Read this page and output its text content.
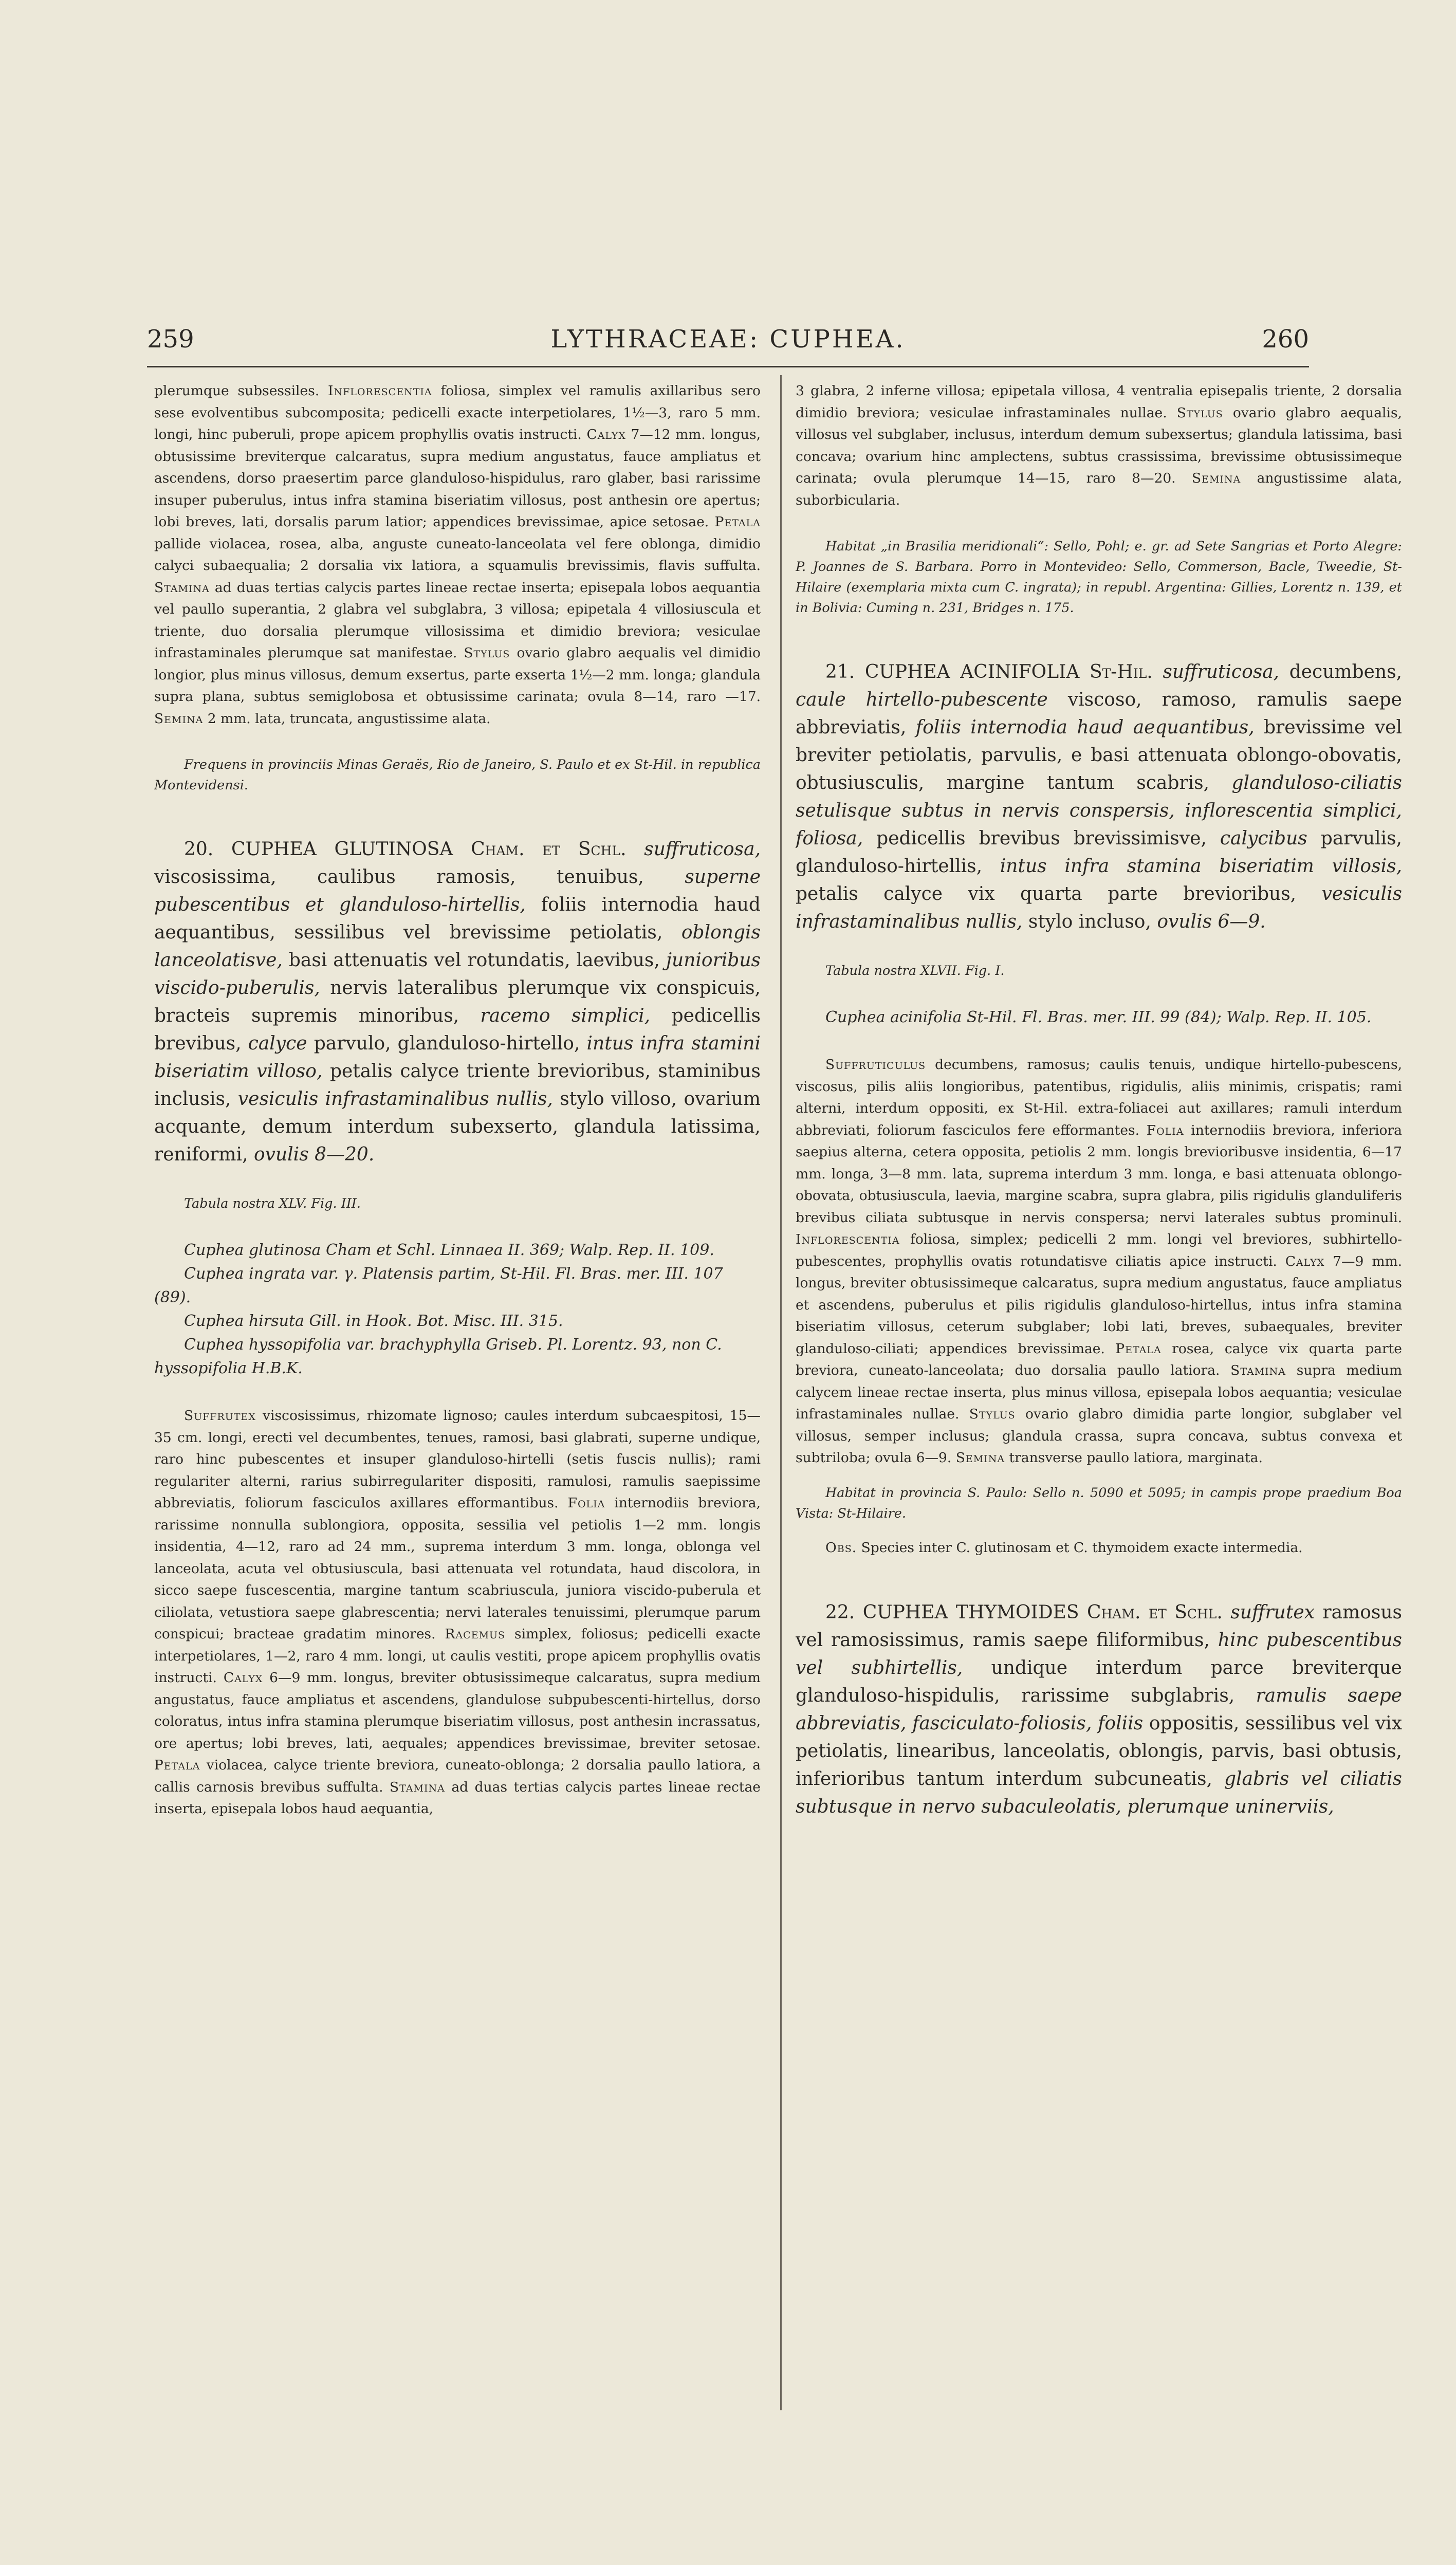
259	LYTHRACEAE: CUPHEA.	260

plerumque subsessiles. Inflorescentia foliosa, simplex vel ramulis axillaribus sero sese evolventibus subcomposita; pedicelli exacte interpetiolares, 1½—3, raro 5 mm. longi, hinc puberuli, prope apicem prophyllis ovatis instructi. Calyx 7—12 mm. longus, obtusissime breviterque calcaratus, supra medium angustatus, fauce ampliatus et ascendens, dorso praesertim parce glanduloso-hispidulus, raro glaber, basi rarissime insuper puberulus, intus infra stamina biseriatim villosus, post anthesin ore apertus; lobi breves, lati, dorsalis parum latior; appendices brevissimae, apice setosae. Petala pallide violacea, rosea, alba, anguste cuneato-lanceolata vel fere oblonga, dimidio calyci subaequalia; 2 dorsalia vix latiora, a squamulis brevissimis, flavis suffulta. Stamina ad duas tertias calycis partes lineae rectae inserta; episepala lobos aequantia vel paullo superantia, 2 glabra vel subglabra, 3 villosa; epipetala 4 villosiuscula et triente, duo dorsalia plerumque villosissima et dimidio breviora; vesiculae infrastaminales plerumque sat manifestae. Stylus ovario glabro aequalis vel dimidio longior, plus minus villosus, demum exsertus, parte exserta 1½—2 mm. longa; glandula supra plana, subtus semiglobosa et obtusissime carinata; ovula 8—14, raro —17. Semina 2 mm. lata, truncata, angustissime alata.

Frequens in provinciis Minas Geraës, Rio de Janeiro, S. Paulo et ex St-Hil. in republica Montevidensi.

20. CUPHEA GLUTINOSA Cham. et Schl. suffruticosa, viscosissima, caulibus ramosis, tenuibus, superne pubescentibus et glanduloso-hirtellis, foliis internodia haud aequantibus, sessilibus vel brevissime petiolatis, oblongis lanceolatisve, basi attenuatis vel rotundatis, laevibus, junioribus viscido-puberulis, nervis lateralibus plerumque vix conspicuis, bracteis supremis minoribus, racemo simplici, pedicellis brevibus, calyce parvulo, glanduloso-hirtello, intus infra stamini biseriatim villoso, petalis calyce triente brevioribus, staminibus inclusis, vesiculis infrastaminalibus nullis, stylo villoso, ovarium acquante, demum interdum subexserto, glandula latissima, reniformi, ovulis 8—20.

Tabula nostra XLV. Fig. III.

Cuphea glutinosa Cham et Schl. Linnaea II. 369; Walp. Rep. II. 109.

Cuphea ingrata var. γ. Platensis partim, St-Hil. Fl. Bras. mer. III. 107 (89).

Cuphea hirsuta Gill. in Hook. Bot. Misc. III. 315.

Cuphea hyssopifolia var. brachyphylla Griseb. Pl. Lorentz. 93, non C. hyssopifolia H.B.K.

Suffrutex viscosissimus, rhizomate lignoso; caules interdum subcaespitosi, 15—35 cm. longi, erecti vel decumbentes, tenues, ramosi, basi glabrati, superne undique, raro hinc pubescentes et insuper glanduloso-hirtelli (setis fuscis nullis); rami regulariter alterni, rarius subirregulariter dispositi, ramulosi, ramulis saepissime abbreviatis, foliorum fasciculos axillares efformantibus. Folia internodiis breviora, rarissime nonnulla sublongiora, opposita, sessilia vel petiolis 1—2 mm. longis insidentia, 4—12, raro ad 24 mm., suprema interdum 3 mm. longa, oblonga vel lanceolata, acuta vel obtusiuscula, basi attenuata vel rotundata, haud discolora, in sicco saepe fuscescentia, margine tantum scabriuscula, juniora viscido-puberula et ciliolata, vetustiora saepe glabrescentia; nervi laterales tenuissimi, plerumque parum conspicui; bracteae gradatim minores. Racemus simplex, foliosus; pedicelli exacte interpetiolares, 1—2, raro 4 mm. longi, ut caulis vestiti, prope apicem prophyllis ovatis instructi. Calyx 6—9 mm. longus, breviter obtusissimeque calcaratus, supra medium angustatus, fauce ampliatus et ascendens, glandulose subpubescenti-hirtellus, dorso coloratus, intus infra stamina plerumque biseriatim villosus, post anthesin incrassatus, ore apertus; lobi breves, lati, aequales; appendices brevissimae, breviter setosae. Petala violacea, calyce triente breviora, cuneato-oblonga; 2 dorsalia paullo latiora, a callis carnosis brevibus suffulta. Stamina ad duas tertias calycis partes lineae rectae inserta, episepala lobos haud aequantia,

3 glabra, 2 inferne villosa; epipetala villosa, 4 ventralia episepalis triente, 2 dorsalia dimidio breviora; vesiculae infrastaminales nullae. Stylus ovario glabro aequalis, villosus vel subglaber, inclusus, interdum demum subexsertus; glandula latissima, basi concava; ovarium hinc amplectens, subtus crassissima, brevissime obtusissimeque carinata; ovula plerumque 14—15, raro 8—20. Semina angustissime alata, suborbicularia.

Habitat „in Brasilia meridionali“: Sello, Pohl; e. gr. ad Sete Sangrias et Porto Alegre: P. Joannes de S. Barbara. Porro in Montevideo: Sello, Commerson, Bacle, Tweedie, St-Hilaire (exemplaria mixta cum C. ingrata); in republ. Argentina: Gillies, Lorentz n. 139, et in Bolivia: Cuming n. 231, Bridges n. 175.

21. CUPHEA ACINIFOLIA St-Hil. suffruticosa, decumbens, caule hirtello-pubescente viscoso, ramoso, ramulis saepe abbreviatis, foliis internodia haud aequantibus, brevissime vel breviter petiolatis, parvulis, e basi attenuata oblongo-obovatis, obtusiusculis, margine tantum scabris, glanduloso-ciliatis setulisque subtus in nervis conspersis, inflorescentia simplici, foliosa, pedicellis brevibus brevissimisve, calycibus parvulis, glanduloso-hirtellis, intus infra stamina biseriatim villosis, petalis calyce vix quarta parte brevioribus, vesiculis infrastaminalibus nullis, stylo incluso, ovulis 6—9.

Tabula nostra XLVII. Fig. I.

Cuphea acinifolia St-Hil. Fl. Bras. mer. III. 99 (84); Walp. Rep. II. 105.

Suffruticulus decumbens, ramosus; caulis tenuis, undique hirtello-pubescens, viscosus, pilis aliis longioribus, patentibus, rigidulis, aliis minimis, crispatis; rami alterni, interdum oppositi, ex St-Hil. extra-foliacei aut axillares; ramuli interdum abbreviati, foliorum fasciculos fere efformantes. Folia internodiis breviora, inferiora saepius alterna, cetera opposita, petiolis 2 mm. longis brevioribusve insidentia, 6—17 mm. longa, 3—8 mm. lata, suprema interdum 3 mm. longa, e basi attenuata oblongo-obovata, obtusiuscula, laevia, margine scabra, supra glabra, pilis rigidulis glanduliferis brevibus ciliata subtusque in nervis conspersa; nervi laterales subtus prominuli. Inflorescentia foliosa, simplex; pedicelli 2 mm. longi vel breviores, subhirtello-pubescentes, prophyllis ovatis rotundatisve ciliatis apice instructi. Calyx 7—9 mm. longus, breviter obtusissimeque calcaratus, supra medium angustatus, fauce ampliatus et ascendens, puberulus et pilis rigidulis glanduloso-hirtellus, intus infra stamina biseriatim villosus, ceterum subglaber; lobi lati, breves, subaequales, breviter glanduloso-ciliati; appendices brevissimae. Petala rosea, calyce vix quarta parte breviora, cuneato-lanceolata; duo dorsalia paullo latiora. Stamina supra medium calycem lineae rectae inserta, plus minus villosa, episepala lobos aequantia; vesiculae infrastaminales nullae. Stylus ovario glabro dimidia parte longior, subglaber vel villosus, semper inclusus; glandula crassa, supra concava, subtus convexa et subtriloba; ovula 6—9. Semina transverse paullo latiora, marginata.

Habitat in provincia S. Paulo: Sello n. 5090 et 5095; in campis prope praedium Boa Vista: St-Hilaire.

Obs. Species inter C. glutinosam et C. thymoidem exacte intermedia.

22. CUPHEA THYMOIDES Cham. et Schl. suffrutex ramosus vel ramosissimus, ramis saepe filiformibus, hinc pubescentibus vel subhirtellis, undique interdum parce breviterque glanduloso-hispidulis, rarissime subglabris, ramulis saepe abbreviatis, fasciculato-foliosis, foliis oppositis, sessilibus vel vix petiolatis, linearibus, lanceolatis, oblongis, parvis, basi obtusis, inferioribus tantum interdum subcuneatis, glabris vel ciliatis subtusque in nervo subaculeolatis, plerumque uninerviis,
